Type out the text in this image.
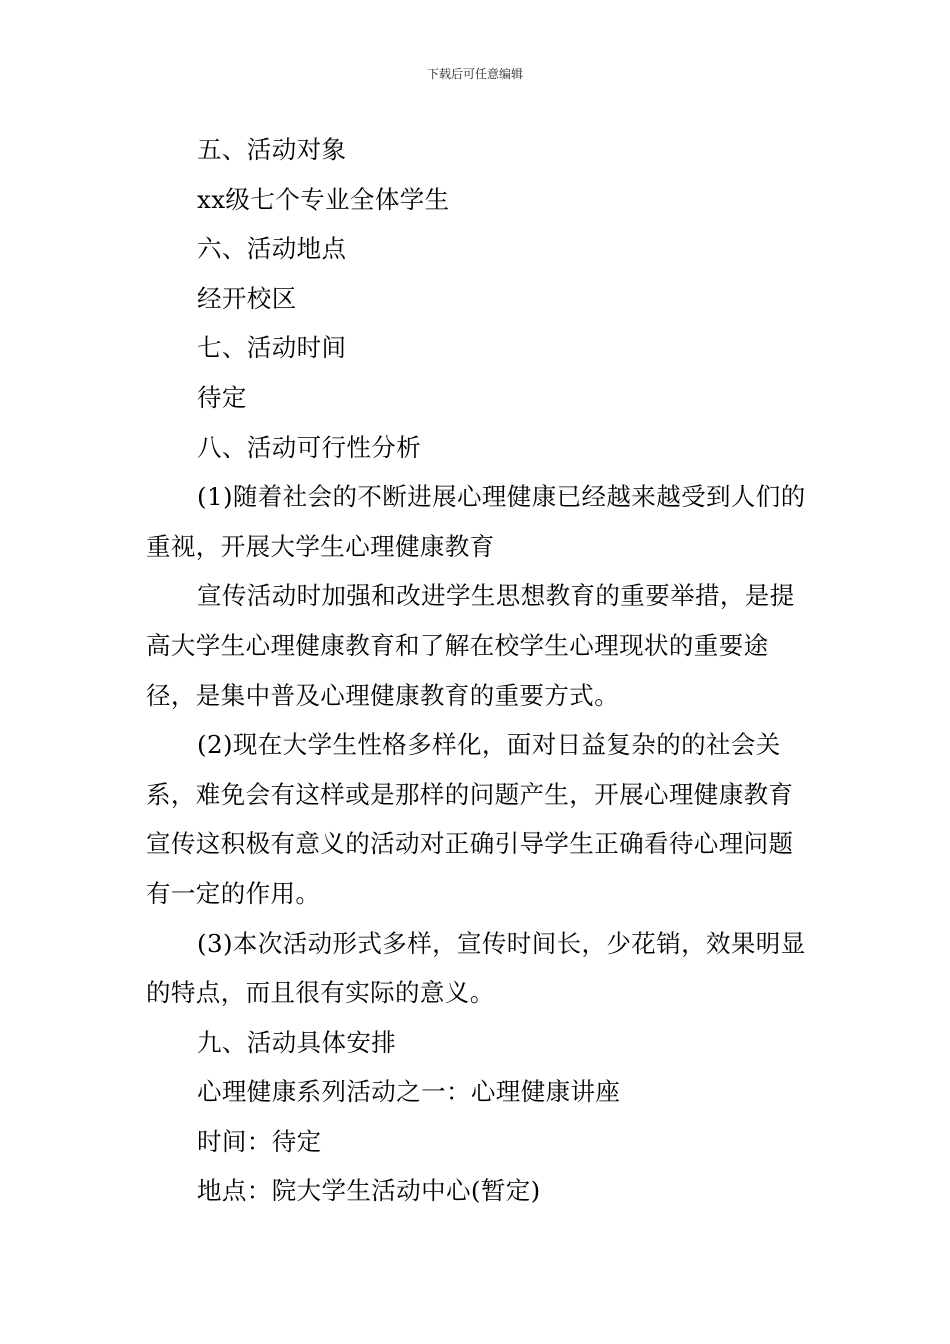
下载后可任意编辑

五、活动对象

xx级七个专业全体学生

六、活动地点

经开校区

七、活动时间

待定

八、活动可行性分析

(1)随着社会的不断进展心理健康已经越来越受到人们的重视，开展大学生心理健康教育

宣传活动时加强和改进学生思想教育的重要举措，是提高大学生心理健康教育和了解在校学生心理现状的重要途径，是集中普及心理健康教育的重要方式。

(2)现在大学生性格多样化，面对日益复杂的的社会关系，难免会有这样或是那样的问题产生，开展心理健康教育宣传这积极有意义的活动对正确引导学生正确看待心理问题有一定的作用。

(3)本次活动形式多样，宣传时间长，少花销，效果明显的特点，而且很有实际的意义。

九、活动具体安排

心理健康系列活动之一：心理健康讲座

时间：待定

地点：院大学生活动中心(暂定)
